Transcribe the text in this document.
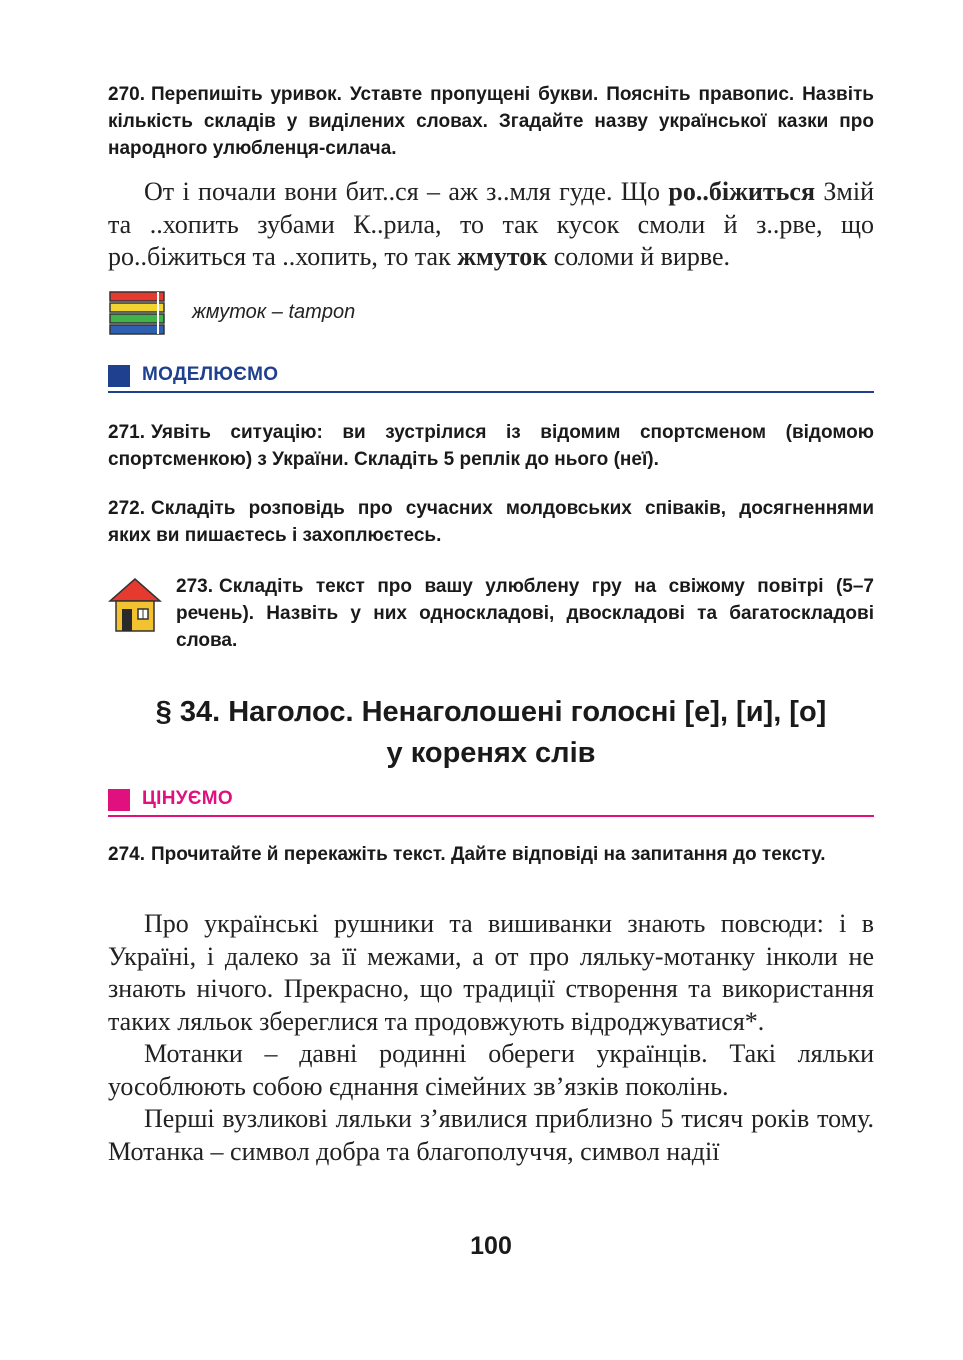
270. Перепишіть уривок. Уставте пропущені букви. Поясніть правопис. Назвіть кількість складів у виділених словах. Згадайте назву української казки про народного улюбленця-силача.

От і почали вони бит..ся – аж з..мля гуде. Що ро..біжиться Змій та ..хопить зубами К..рила, то так кусок смоли й з..рве, що ро..біжиться та ..хопить, то так жмуток соломи й вирве.

жмуток – tampon
МОДЕЛЮЄМО
271. Уявіть ситуацію: ви зустрілися із відомим спортсменом (відомою спортсменкою) з України. Складіть 5 реплік до нього (неї).
272. Складіть розповідь про сучасних молдовських співаків, досягненнями яких ви пишаєтесь і захоплюєтесь.
273. Складіть текст про вашу улюблену гру на свіжому повітрі (5–7 речень). Назвіть у них односкладові, двоскладові та багатоскладові слова.
§ 34. Наголос. Ненаголошені голосні [е], [и], [о]
у коренях слів
ЦІНУЄМО
274. Прочитайте й перекажіть текст. Дайте відповіді на запитання до тексту.

Про українські рушники та вишиванки знають повсюди: і в Україні, і далеко за її межами, а от про ляльку-мотанку інколи не знають нічого. Прекрасно, що традиції створення та використання таких ляльок збереглися та продовжують відроджуватися*.

Мотанки – давні родинні обереги українців. Такі ляльки уособлюють собою єднання сімейних зв’язків поколінь.

Перші вузликові ляльки з’явилися приблизно 5 тисяч років тому. Мотанка – символ добра та благополуччя, символ надії

100
